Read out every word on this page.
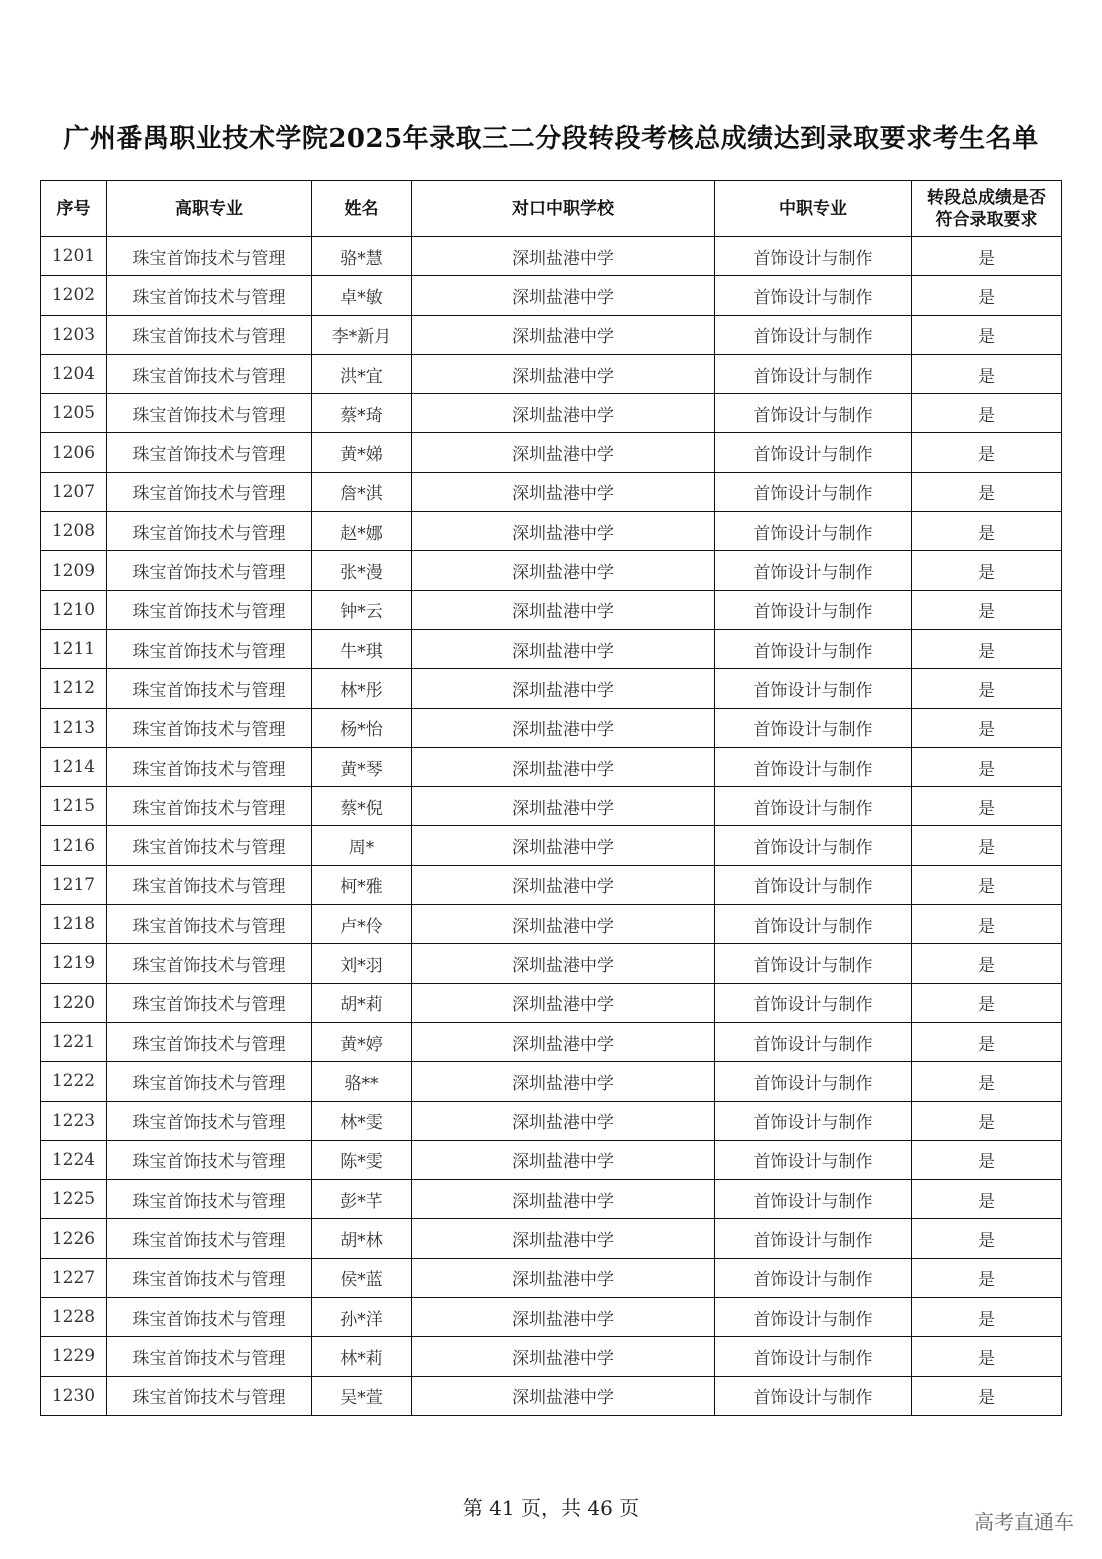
广州番禺职业技术学院2025年录取三二分段转段考核总成绩达到录取要求考生名单
序号	高职专业	姓名	对口中职学校	中职专业	转段总成绩是否符合录取要求
1201	珠宝首饰技术与管理	骆*慧	深圳盐港中学	首饰设计与制作	是
1202	珠宝首饰技术与管理	卓*敏	深圳盐港中学	首饰设计与制作	是
1203	珠宝首饰技术与管理	李*新月	深圳盐港中学	首饰设计与制作	是
1204	珠宝首饰技术与管理	洪*宜	深圳盐港中学	首饰设计与制作	是
1205	珠宝首饰技术与管理	蔡*琦	深圳盐港中学	首饰设计与制作	是
1206	珠宝首饰技术与管理	黄*娣	深圳盐港中学	首饰设计与制作	是
1207	珠宝首饰技术与管理	詹*淇	深圳盐港中学	首饰设计与制作	是
1208	珠宝首饰技术与管理	赵*娜	深圳盐港中学	首饰设计与制作	是
1209	珠宝首饰技术与管理	张*漫	深圳盐港中学	首饰设计与制作	是
1210	珠宝首饰技术与管理	钟*云	深圳盐港中学	首饰设计与制作	是
1211	珠宝首饰技术与管理	牛*琪	深圳盐港中学	首饰设计与制作	是
1212	珠宝首饰技术与管理	林*彤	深圳盐港中学	首饰设计与制作	是
1213	珠宝首饰技术与管理	杨*怡	深圳盐港中学	首饰设计与制作	是
1214	珠宝首饰技术与管理	黄*琴	深圳盐港中学	首饰设计与制作	是
1215	珠宝首饰技术与管理	蔡*倪	深圳盐港中学	首饰设计与制作	是
1216	珠宝首饰技术与管理	周*	深圳盐港中学	首饰设计与制作	是
1217	珠宝首饰技术与管理	柯*雅	深圳盐港中学	首饰设计与制作	是
1218	珠宝首饰技术与管理	卢*伶	深圳盐港中学	首饰设计与制作	是
1219	珠宝首饰技术与管理	刘*羽	深圳盐港中学	首饰设计与制作	是
1220	珠宝首饰技术与管理	胡*莉	深圳盐港中学	首饰设计与制作	是
1221	珠宝首饰技术与管理	黄*婷	深圳盐港中学	首饰设计与制作	是
1222	珠宝首饰技术与管理	骆**	深圳盐港中学	首饰设计与制作	是
1223	珠宝首饰技术与管理	林*雯	深圳盐港中学	首饰设计与制作	是
1224	珠宝首饰技术与管理	陈*雯	深圳盐港中学	首饰设计与制作	是
1225	珠宝首饰技术与管理	彭*芊	深圳盐港中学	首饰设计与制作	是
1226	珠宝首饰技术与管理	胡*林	深圳盐港中学	首饰设计与制作	是
1227	珠宝首饰技术与管理	侯*蓝	深圳盐港中学	首饰设计与制作	是
1228	珠宝首饰技术与管理	孙*洋	深圳盐港中学	首饰设计与制作	是
1229	珠宝首饰技术与管理	林*莉	深圳盐港中学	首饰设计与制作	是
1230	珠宝首饰技术与管理	吴*萱	深圳盐港中学	首饰设计与制作	是
第 41 页，共 46 页
高考直通车
